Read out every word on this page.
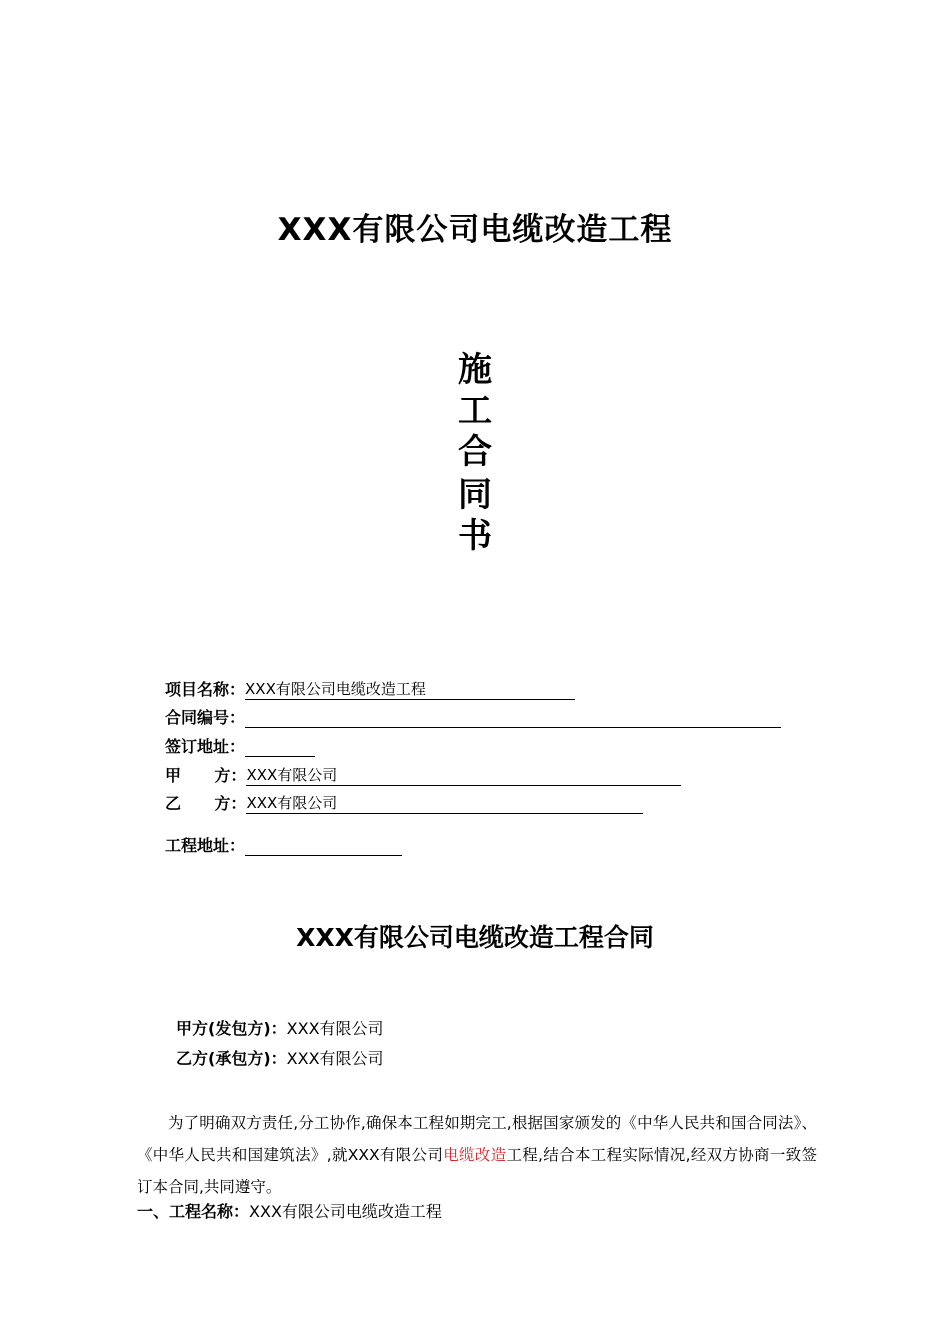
XXX有限公司电缆改造工程
施
工
合
同
书
项目名称：XXX有限公司电缆改造工程
合同编号：
签订地址：
甲      方：XXX有限公司
乙      方：XXX有限公司
工程地址：
XXX有限公司电缆改造工程合同
甲方(发包方)：XXX有限公司
乙方(承包方)：XXX有限公司
为了明确双方责任,分工协作,确保本工程如期完工,根据国家颁发的《中华人民共和国合同法》、《中华人民共和国建筑法》,就XXX有限公司电缆改造工程,结合本工程实际情况,经双方协商一致签订本合同,共同遵守。
一、工程名称：XXX有限公司电缆改造工程
